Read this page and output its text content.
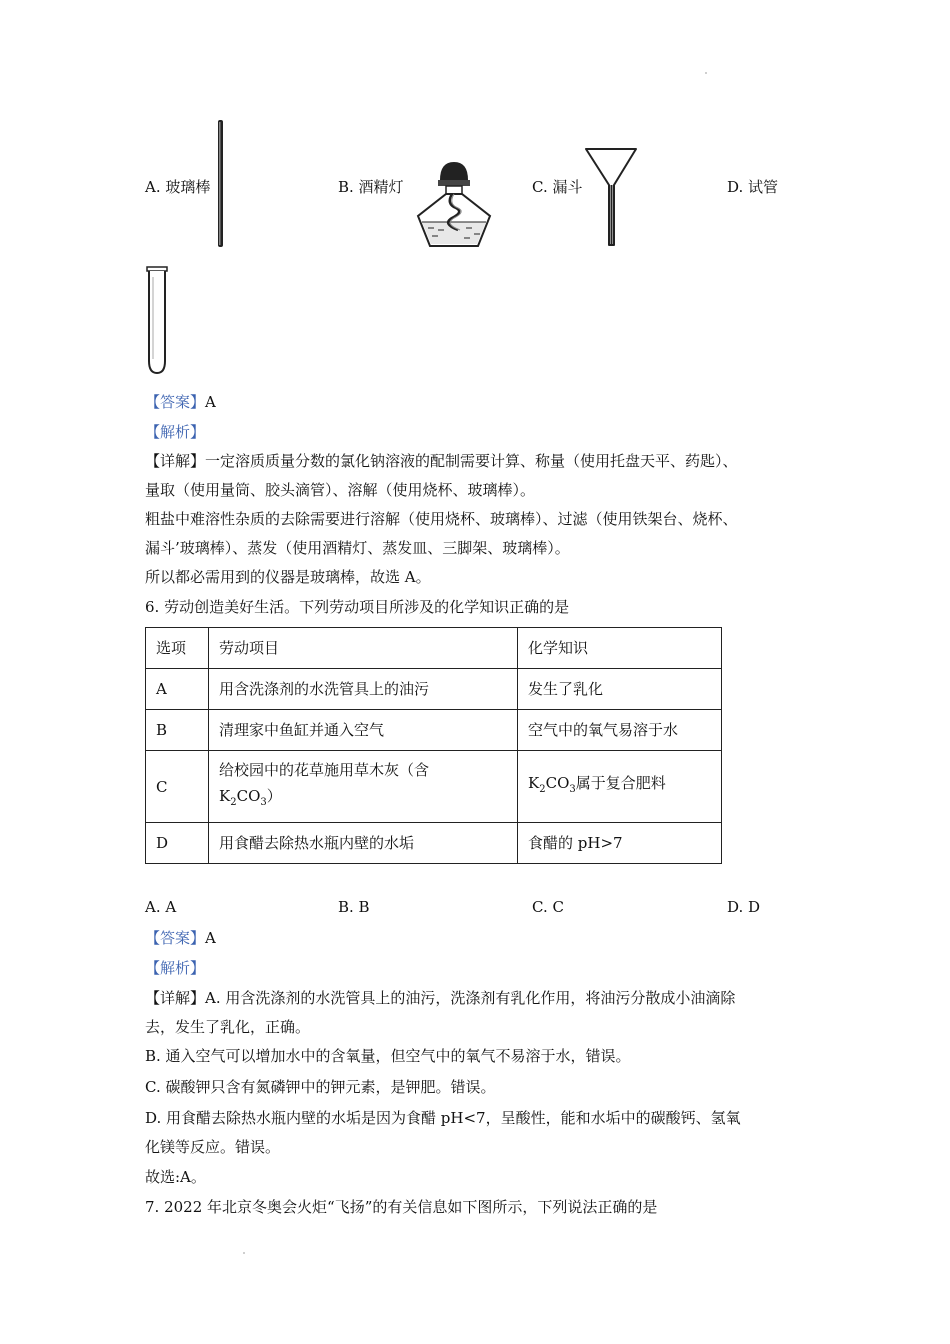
A. 玻璃棒	B. 酒精灯	C. 漏斗	D. 试管
【答案】A
【解析】
【详解】一定溶质质量分数的氯化钠溶液的配制需要计算、称量（使用托盘天平、药匙）、
量取（使用量筒、胶头滴管）、溶解（使用烧杯、玻璃棒）。
粗盐中难溶性杂质的去除需要进行溶解（使用烧杯、玻璃棒）、过滤（使用铁架台、烧杯、
漏斗’玻璃棒）、蒸发（使用酒精灯、蒸发皿、三脚架、玻璃棒）。
所以都必需用到的仪器是玻璃棒，故选 A。
6. 劳动创造美好生活。下列劳动项目所涉及的化学知识正确的是
选项	劳动项目	化学知识
A	用含洗涤剂的水洗管具上的油污	发生了乳化
B	清理家中鱼缸并通入空气	空气中的氧气易溶于水
C	给校园中的花草施用草木灰（含
$K_2CO_3$）	$K_2CO_3$属于复合肥料
D	用食醋去除热水瓶内壁的水垢	食醋的 pH>7
A. A	B. B	C. C	D. D
【答案】A
【解析】
【详解】A. 用含洗涤剂的水洗管具上的油污，洗涤剂有乳化作用，将油污分散成小油滴除
去，发生了乳化，正确。
B. 通入空气可以增加水中的含氧量，但空气中的氧气不易溶于水，错误。
C. 碳酸钾只含有氮磷钾中的钾元素，是钾肥。错误。
D. 用食醋去除热水瓶内壁的水垢是因为食醋 pH<7，呈酸性，能和水垢中的碳酸钙、氢氧
化镁等反应。错误。
故选:A。
7. 2022 年北京冬奥会火炬“飞扬”的有关信息如下图所示，下列说法正确的是
